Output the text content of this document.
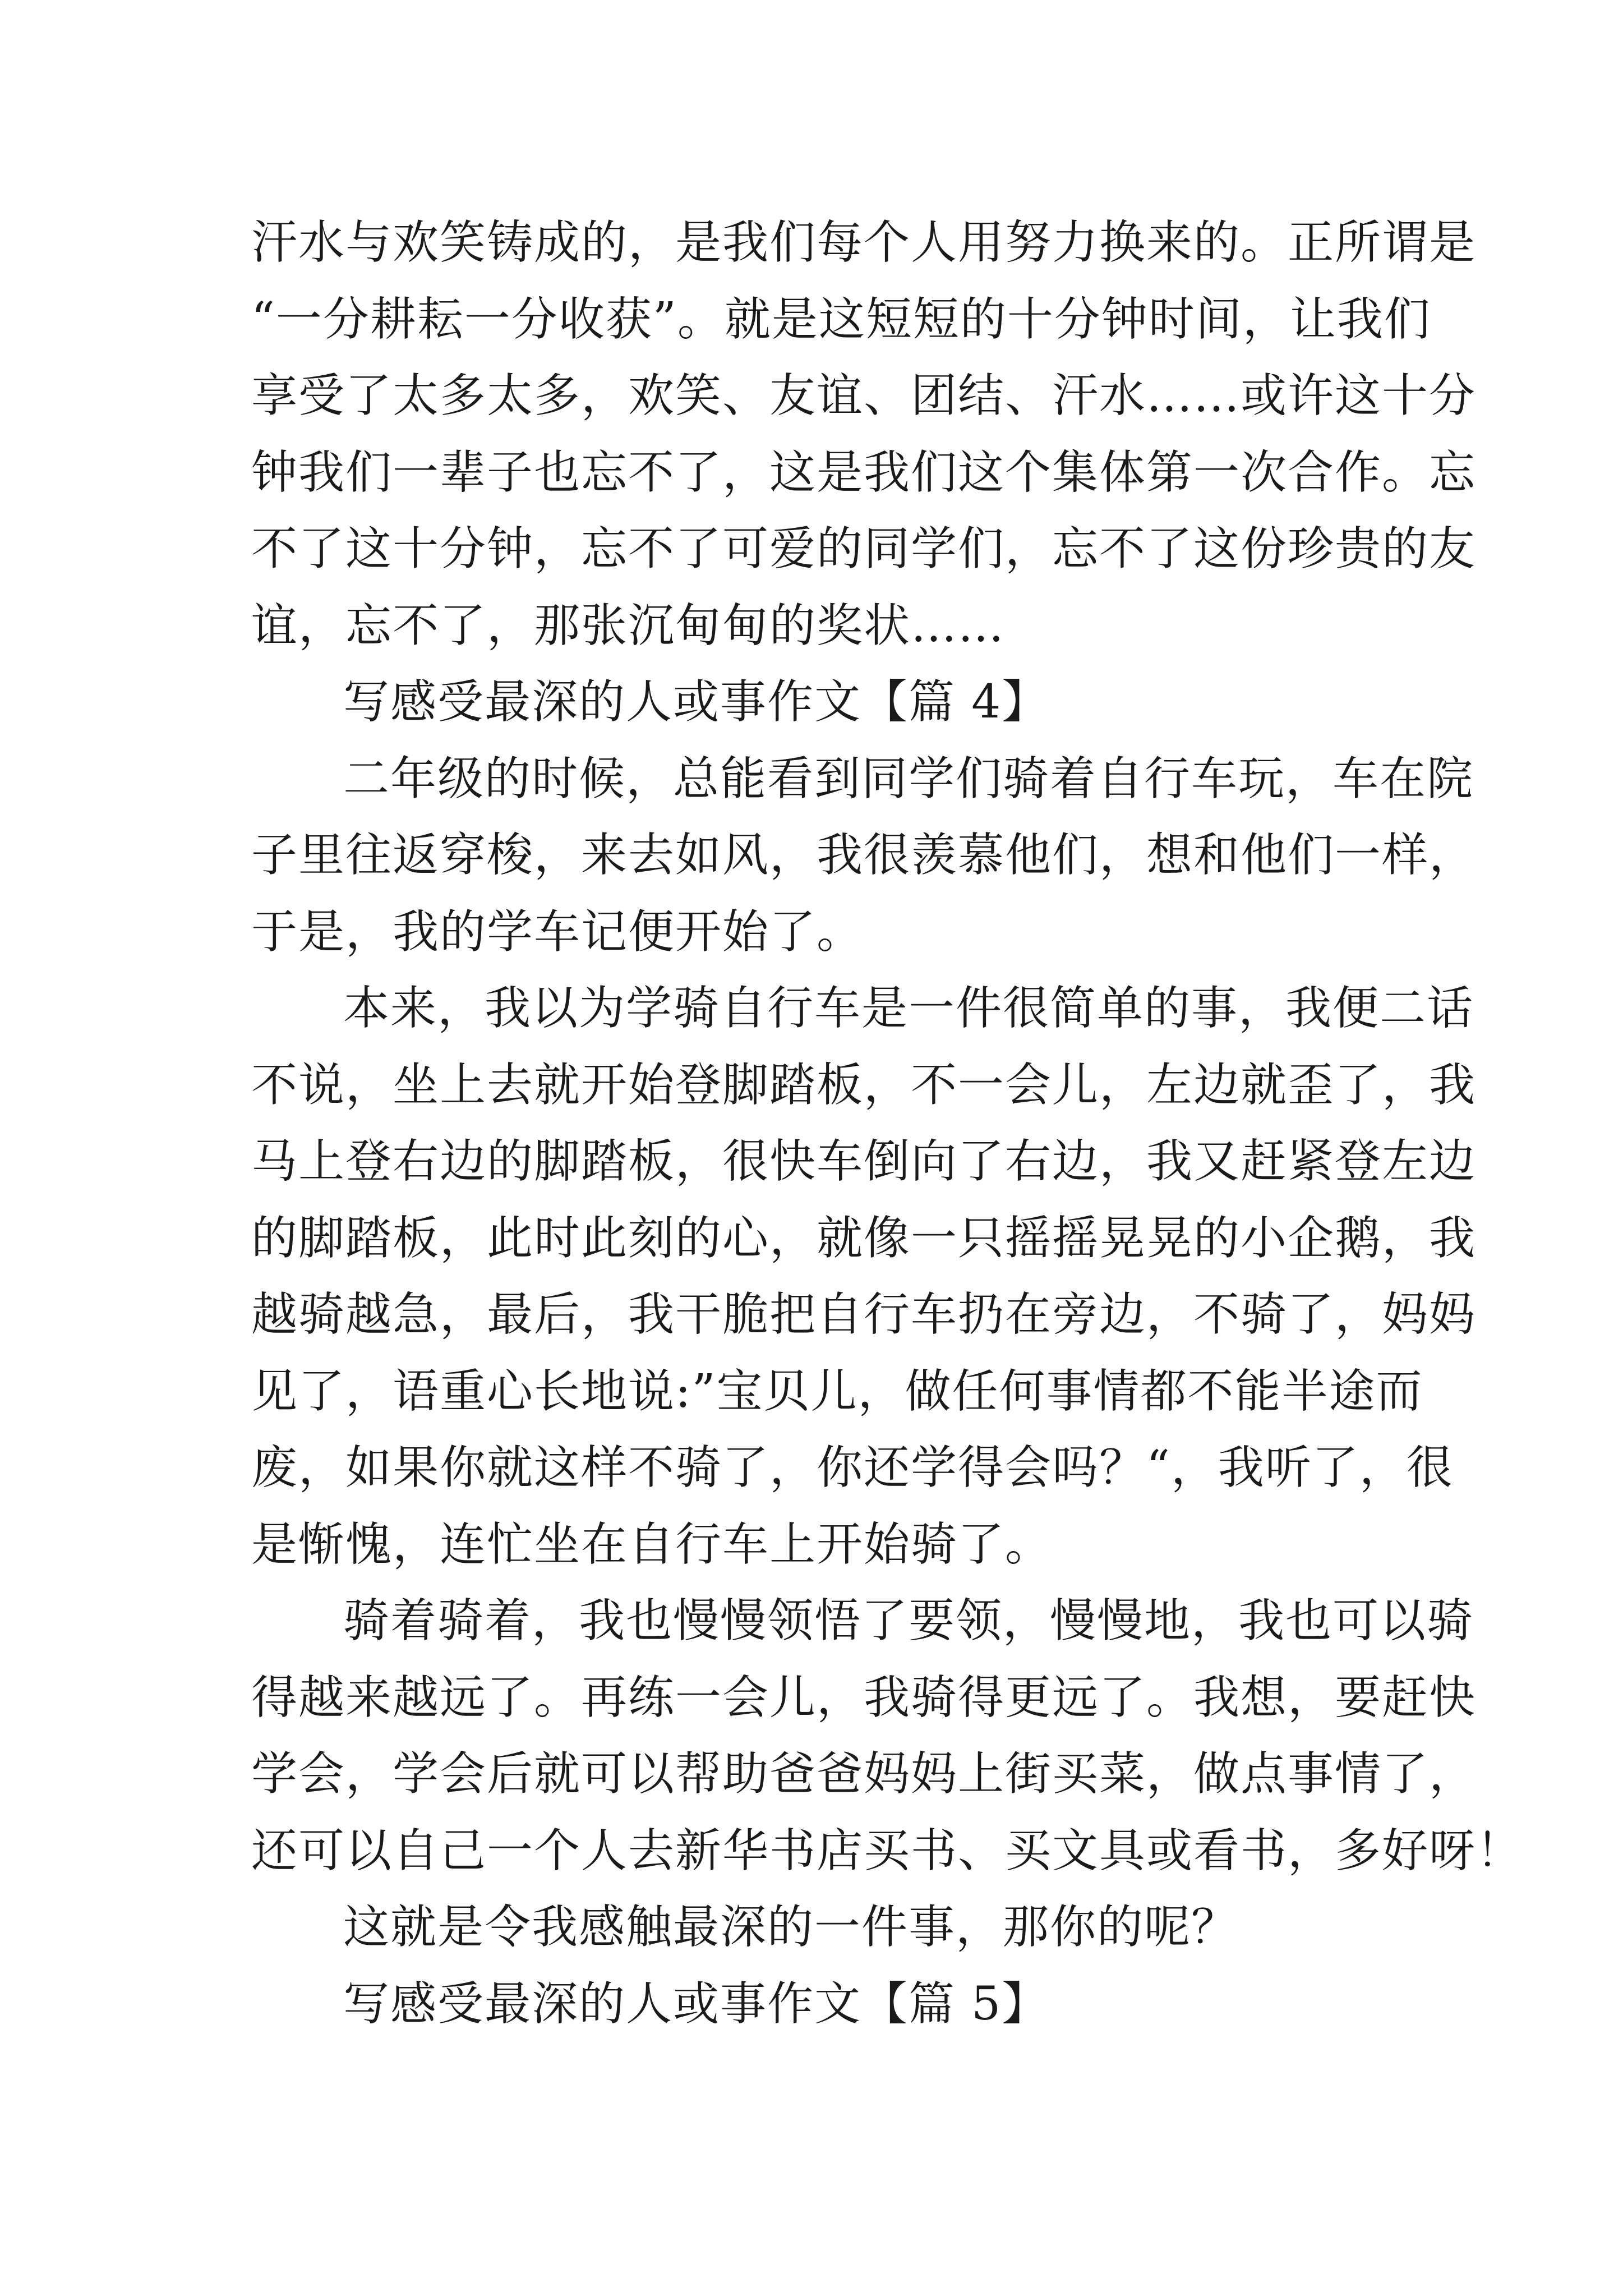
汗水与欢笑铸成的，是我们每个人用努力换来的。正所谓是
“一分耕耘一分收获”。就是这短短的十分钟时间，让我们
享受了太多太多，欢笑、友谊、团结、汗水……或许这十分
钟我们一辈子也忘不了，这是我们这个集体第一次合作。忘
不了这十分钟，忘不了可爱的同学们，忘不了这份珍贵的友
谊，忘不了，那张沉甸甸的奖状……
写感受最深的人或事作文【篇 4】
二年级的时候，总能看到同学们骑着自行车玩，车在院
子里往返穿梭，来去如风，我很羡慕他们，想和他们一样，
于是，我的学车记便开始了。
本来，我以为学骑自行车是一件很简单的事，我便二话
不说，坐上去就开始登脚踏板，不一会儿，左边就歪了，我
马上登右边的脚踏板，很快车倒向了右边，我又赶紧登左边
的脚踏板，此时此刻的心，就像一只摇摇晃晃的小企鹅，我
越骑越急，最后，我干脆把自行车扔在旁边，不骑了，妈妈
见了，语重心长地说:”宝贝儿，做任何事情都不能半途而
废，如果你就这样不骑了，你还学得会吗？“，我听了，很
是惭愧，连忙坐在自行车上开始骑了。
骑着骑着，我也慢慢领悟了要领，慢慢地，我也可以骑
得越来越远了。再练一会儿，我骑得更远了。我想，要赶快
学会，学会后就可以帮助爸爸妈妈上街买菜，做点事情了，
还可以自己一个人去新华书店买书、买文具或看书，多好呀！
这就是令我感触最深的一件事，那你的呢？
写感受最深的人或事作文【篇 5】
